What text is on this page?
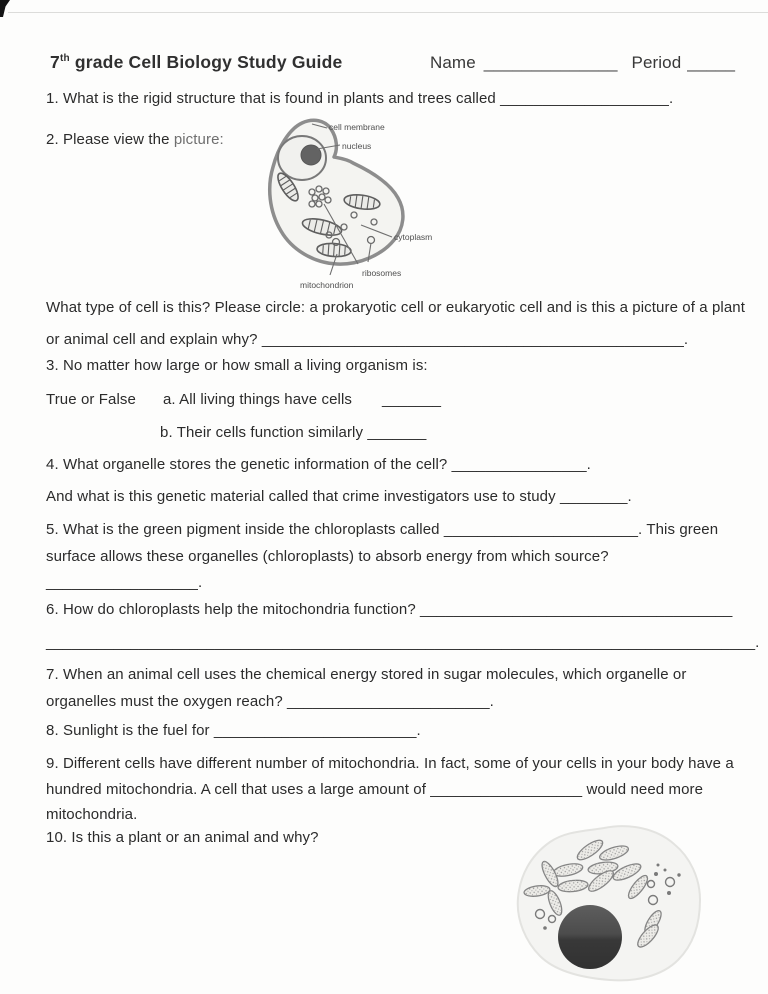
7th grade Cell Biology Study Guide	Name ______________ Period _____
1. What is the rigid structure that is found in plants and trees called ____________________.
2. Please view the picture:
cell membrane
nucleus
cytoplasm
ribosomes
mitochondrion
What type of cell is this? Please circle: a prokaryotic cell or eukaryotic cell and is this a picture of a plant
or animal cell and explain why? __________________________________________________.
3. No matter how large or how small a living organism is:
True or False a. All living things have cells _______
b. Their cells function similarly _______
4. What organelle stores the genetic information of the cell? ________________.
And what is this genetic material called that crime investigators use to study ________.
5. What is the green pigment inside the chloroplasts called _______________________. This green
surface allows these organelles (chloroplasts) to absorb energy from which source?
__________________.
6. How do chloroplasts help the mitochondria function? _____________________________________
____________________________________________________________________________________.
7. When an animal cell uses the chemical energy stored in sugar molecules, which organelle or
organelles must the oxygen reach? ________________________.
8. Sunlight is the fuel for ________________________.
9. Different cells have different number of mitochondria. In fact, some of your cells in your body have a
hundred mitochondria. A cell that uses a large amount of __________________ would need more
mitochondria.
10. Is this a plant or an animal and why?
